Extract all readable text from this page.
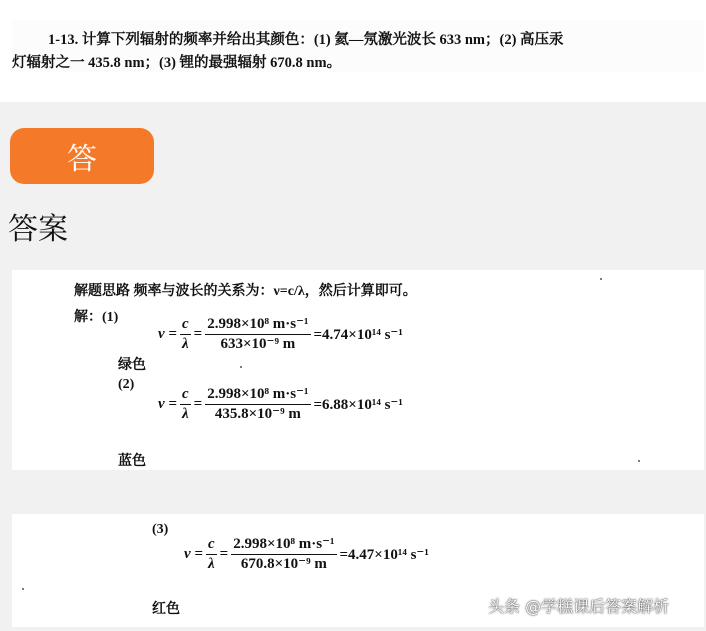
1-13. 计算下列辐射的频率并给出其颜色：(1) 氦—氖激光波长 633 nm；(2) 高压汞
灯辐射之一 435.8 nm；(3) 锂的最强辐射 670.8 nm。
答
答案
解题思路 频率与波长的关系为：ν=c/λ，然后计算即可。
解：(1)
$\nu = \frac{c}{\lambda} = \frac{\text{2.998×10⁸ m·s⁻¹}}{\text{633×10⁻⁹ m}} =4.74\times 10^{14}$ s⁻¹
绿色
(2)
$\nu = \frac{c}{\lambda} = \frac{\text{2.998×10⁸ m·s⁻¹}}{\text{435.8×10⁻⁹ m}} =6.88\times 10^{14}$ s⁻¹
蓝色
(3)
$\nu = \frac{c}{\lambda} = \frac{\text{2.998×10⁸ m·s⁻¹}}{\text{670.8×10⁻⁹ m}} =4.47\times 10^{14}$ s⁻¹
红色	头条 @学糕课后答案解析
